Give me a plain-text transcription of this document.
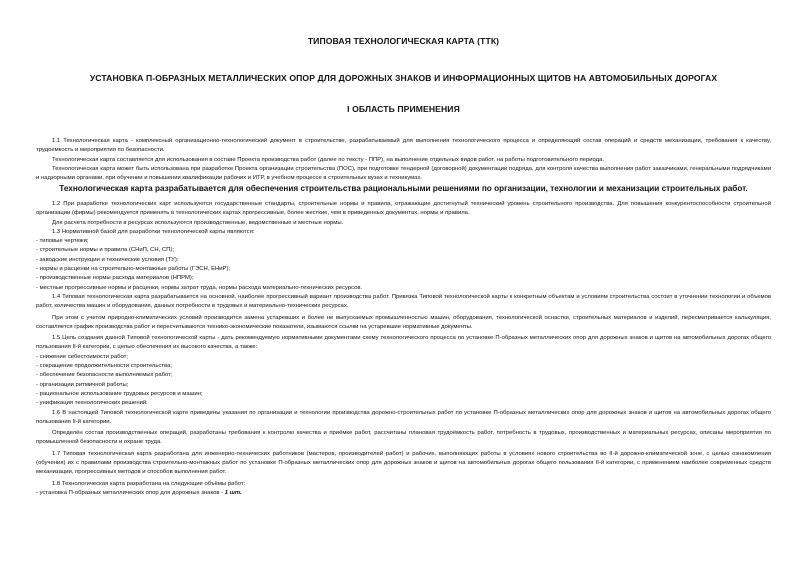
ТИПОВАЯ ТЕХНОЛОГИЧЕСКАЯ КАРТА (ТТК)
УСТАНОВКА П-ОБРАЗНЫХ МЕТАЛЛИЧЕСКИХ ОПОР ДЛЯ ДОРОЖНЫХ ЗНАКОВ И ИНФОРМАЦИОННЫХ ЩИТОВ НА АВТОМОБИЛЬНЫХ ДОРОГАХ
I ОБЛАСТЬ ПРИМЕНЕНИЯ

1.1 Технологическая карта - комплексный организационно-технологический документ в строительстве, разрабатываемый для выполнения технологического процесса и определяющий состав операций и средств механизации, требования к качеству, трудоемкость и мероприятия по безопасности.

Технологическая карта составляется для использования в составе Проекта производства работ (далее по тексту - ППР), на выполнение отдельных видов работ, на работы подготовительного периода.

Технологическая карта может быть использована при разработке Проекта организации строительства (ПОС), при подготовке тендерной (договорной) документации подряда, для контроля качества выполнения работ заказчиками, генеральными подрядчиками и надзорными органами, при обучении и повышении квалификации рабочих и ИТР, в учебном процессе в строительных вузах и техникумах.

Технологическая карта разрабатывается для обеспечения строительства рациональными решениями по организации, технологии и механизации строительных работ.

1.2 При разработке технологических карт используются государственные стандарты, строительные нормы и правила, отражающие достигнутый технический уровень строительного производства. Для повышения конкурентоспособности строительной организации (фирмы) рекомендуется применять в технологических картах прогрессивные, более жесткие, чем в приведенных документах, нормы и правила.

Для расчета потребности в ресурсах используются производственные, ведомственные и местные нормы.

1.3 Нормативной базой для разработки технологической карты являются:

- типовые чертежи;
- строительные нормы и правила (СНиП, СН, СП);
- заводские инструкции и технические условия (ТУ);
- нормы и расценки на строительно-монтажные работы (ГЭСН, ЕНиР);
- производственные нормы расхода материалов (НПРМ);
- местные прогрессивные нормы и расценки, нормы затрат труда, нормы расхода материально-технических ресурсов.

1.4 Типовая технологическая карта разрабатывается на основной, наиболее прогрессивный вариант производства работ. Привязка Типовой технологической карты к конкретным объектам и условиям строительства состоит в уточнении технологии и объемов работ, количества машин и оборудования, данных потребности в трудовых и материально-технических ресурсах.

При этом с учетом природно-климатических условий производится замена устаревших и более не выпускаемых промышленностью машин, оборудования, технологической оснастки, строительных материалов и изделий, пересматривается калькуляция, составляется график производства работ и пересчитываются технико-экономические показатели, изымаются ссылки на устаревшие нормативные документы.

1.5 Цель создания данной Типовой технологической карты - дать рекомендуемую нормативными документами схему технологического процесса по установке П-образных металлических опор для дорожных знаков и щитов на автомобильных дорогах общего пользования II-й категории, с целью обеспечения их высокого качества, а также:

- снижение себестоимости работ;
- сокращение продолжительности строительства;
- обеспечение безопасности выполняемых работ;
- организации ритмичной работы;
- рациональное использование трудовых ресурсов и машин;
- унификация технологических решений.

1.6 В настоящей Типовой технологической карте приведены указания по организации и технологии производства дорожно-строительных работ по установке П-образных металлических опор для дорожных знаков и щитов на автомобильных дорогах общего пользования II-й категории.

Определён состав производственных операций, разработаны требования к контролю качества и приёмке работ, рассчитаны плановая трудоёмкость работ, потребность в трудовых, производственных и материальных ресурсах, описаны мероприятия по промышленной безопасности и охране труда.

1.7 Типовая технологическая карта разработана для инженерно-технических работников (мастеров, производителей работ) и рабочих, выполняющих работы в условиях нового строительства во II-й дорожно-климатической зоне, с целью ознакомления (обучения) их с правилами производства строительно-монтажных работ по установке П-образных металлических опор для дорожных знаков и щитов на автомобильных дорогах общего пользования II-й категории, с применением наиболее современных средств механизации, прогрессивных методов и способов выполнения работ.

1.8 Технологическая карта разработана на следующие объёмы работ:

- установка П-образных металлических опор для дорожных знаков - 1 шт.
